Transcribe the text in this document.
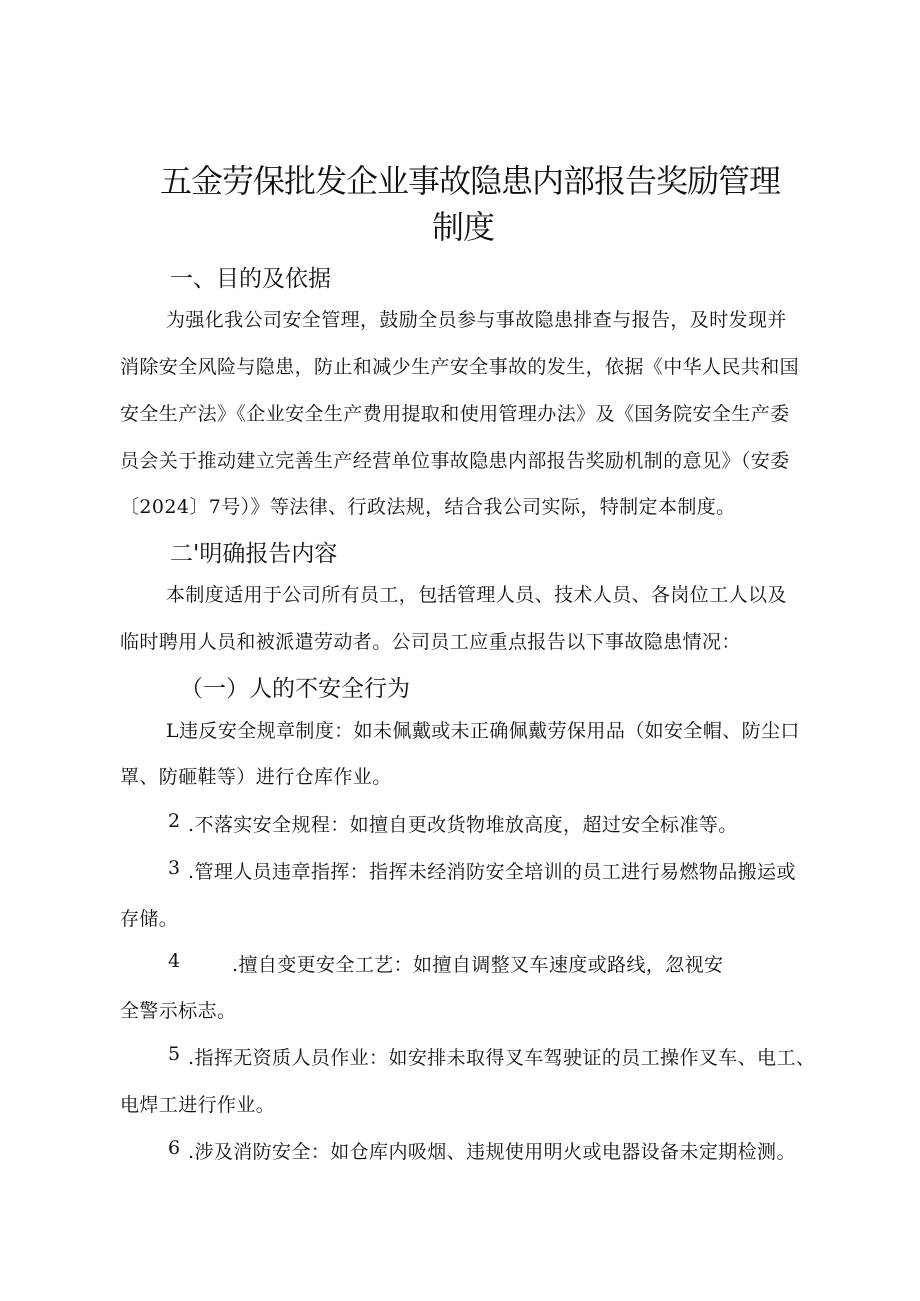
五金劳保批发企业事故隐患内部报告奖励管理
制度
一、目的及依据
为强化我公司安全管理，鼓励全员参与事故隐患排查与报告，及时发现并
消除安全风险与隐患，防止和减少生产安全事故的发生，依据《中华人民共和国
安全生产法》《企业安全生产费用提取和使用管理办法》及《国务院安全生产委
员会关于推动建立完善生产经营单位事故隐患内部报告奖励机制的意见》（安委
〔2024〕7号）》等法律、行政法规，结合我公司实际，特制定本制度。
二'明确报告内容
本制度适用于公司所有员工，包括管理人员、技术人员、各岗位工人以及
临时聘用人员和被派遣劳动者。公司员工应重点报告以下事故隐患情况：
（一）人的不安全行为
L违反安全规章制度：如未佩戴或未正确佩戴劳保用品（如安全帽、防尘口
罩、防砸鞋等）进行仓库作业。
2 .不落实安全规程：如擅自更改货物堆放高度，超过安全标准等。
3 .管理人员违章指挥：指挥未经消防安全培训的员工进行易燃物品搬运或
存储。
4	.擅自变更安全工艺：如擅自调整叉车速度或路线，忽视安
全警示标志。
5 .指挥无资质人员作业：如安排未取得叉车驾驶证的员工操作叉车、电工、
电焊工进行作业。
6 .涉及消防安全：如仓库内吸烟、违规使用明火或电器设备未定期检测。
